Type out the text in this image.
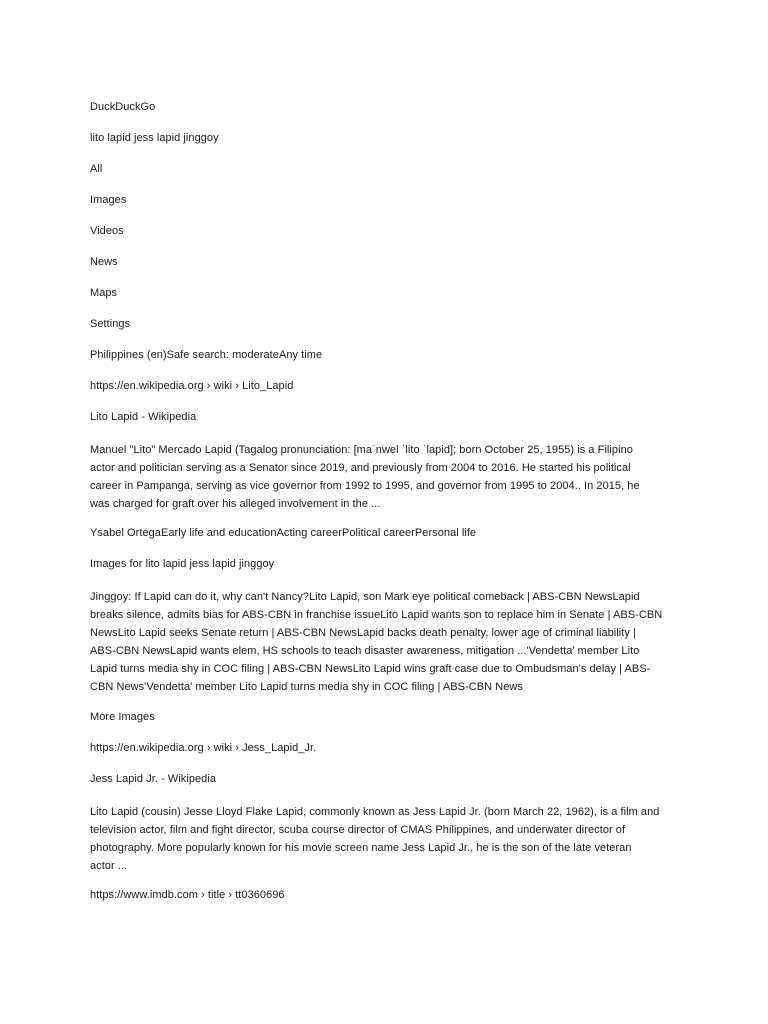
DuckDuckGo
lito lapid jess lapid jinggoy
All
Images
Videos
News
Maps
Settings
Philippines (en)Safe search: moderateAny time
https://en.wikipedia.org › wiki › Lito_Lapid
Lito Lapid - Wikipedia
Manuel "Lito" Mercado Lapid (Tagalog pronunciation: [maˈnwel ˈlito ˈlapid]; born October 25, 1955) is a Filipino
actor and politician serving as a Senator since 2019, and previously from 2004 to 2016. He started his political
career in Pampanga, serving as vice governor from 1992 to 1995, and governor from 1995 to 2004.. In 2015, he
was charged for graft over his alleged involvement in the ...
Ysabel OrtegaEarly life and educationActing careerPolitical careerPersonal life
Images for lito lapid jess lapid jinggoy
Jinggoy: If Lapid can do it, why can't Nancy?Lito Lapid, son Mark eye political comeback | ABS-CBN NewsLapid
breaks silence, admits bias for ABS-CBN in franchise issueLito Lapid wants son to replace him in Senate | ABS-CBN
NewsLito Lapid seeks Senate return | ABS-CBN NewsLapid backs death penalty, lower age of criminal liability |
ABS-CBN NewsLapid wants elem, HS schools to teach disaster awareness, mitigation ...'Vendetta' member Lito
Lapid turns media shy in COC filing | ABS-CBN NewsLito Lapid wins graft case due to Ombudsman's delay | ABS-
CBN News'Vendetta' member Lito Lapid turns media shy in COC filing | ABS-CBN News
More Images
https://en.wikipedia.org › wiki › Jess_Lapid_Jr.
Jess Lapid Jr. - Wikipedia
Lito Lapid (cousin) Jesse Lloyd Flake Lapid, commonly known as Jess Lapid Jr. (born March 22, 1962), is a film and
television actor, film and fight director, scuba course director of CMAS Philippines, and underwater director of
photography. More popularly known for his movie screen name Jess Lapid Jr., he is the son of the late veteran
actor ...
https://www.imdb.com › title › tt0360696
